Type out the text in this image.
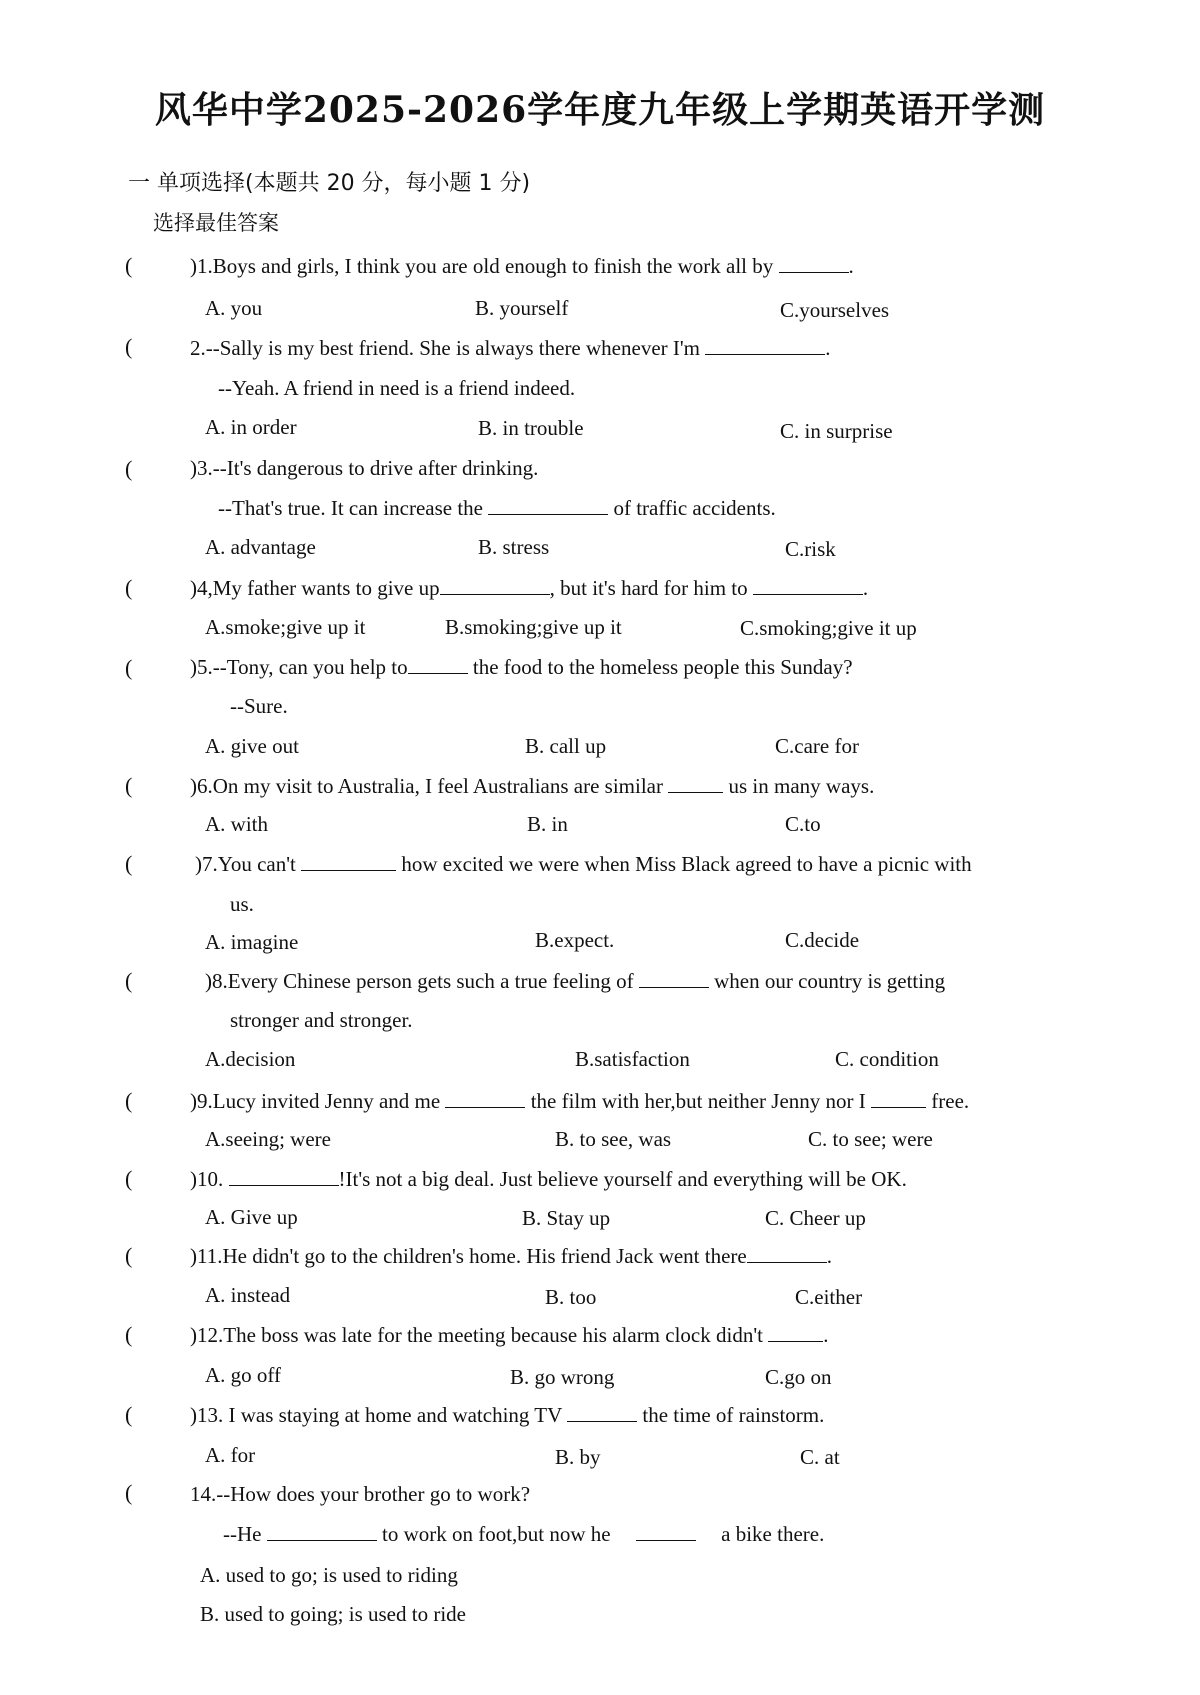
风华中学2025-2026学年度九年级上学期英语开学测
一 单项选择(本题共 20 分，每小题 1 分)
选择最佳答案
(	)1.Boys and girls, I think you are old enough to finish the work all by	.
A. you	B. yourself	C.yourselves
(	2.--Sally is my best friend. She is always there whenever I'm	.
--Yeah. A friend in need is a friend indeed.
A. in order	B. in trouble	C. in surprise
(	)3.--It's dangerous to drive after drinking.
--That's true. It can increase the	of traffic accidents.
A. advantage	B. stress	C.risk
(	)4,My father wants to give up	, but it's hard for him to	.
A.smoke;give up it	B.smoking;give up it	C.smoking;give it up
(	)5.--Tony, can you help to	the food to the homeless people this Sunday?
--Sure.
A. give out	B. call up	C.care for
(	)6.On my visit to Australia, I feel Australians are similar	us in many ways.
A. with	B. in	C.to
(	)7.You can't	how excited we were when Miss Black agreed to have a picnic with
us.
A. imagine	B.expect.	C.decide
(	)8.Every Chinese person gets such a true feeling of	when our country is getting
stronger and stronger.
A.decision	B.satisfaction	C. condition
(	)9.Lucy invited Jenny and me	the film with her,but neither Jenny nor I	free.
A.seeing; were	B. to see, was	C. to see; were
(	)10.	!It's not a big deal. Just believe yourself and everything will be OK.
A. Give up	B. Stay up	C. Cheer up
(	)11.He didn't go to the children's home. His friend Jack went there	.
A. instead	B. too	C.either
(	)12.The boss was late for the meeting because his alarm clock didn't	.
A. go off	B. go wrong	C.go on
(	)13. I was staying at home and watching TV	the time of rainstorm.
A. for	B. by	C. at
(	14.--How does your brother go to work?
--He	to work on foot,but now he	a bike there.
A. used to go; is used to riding
B. used to going; is used to ride
